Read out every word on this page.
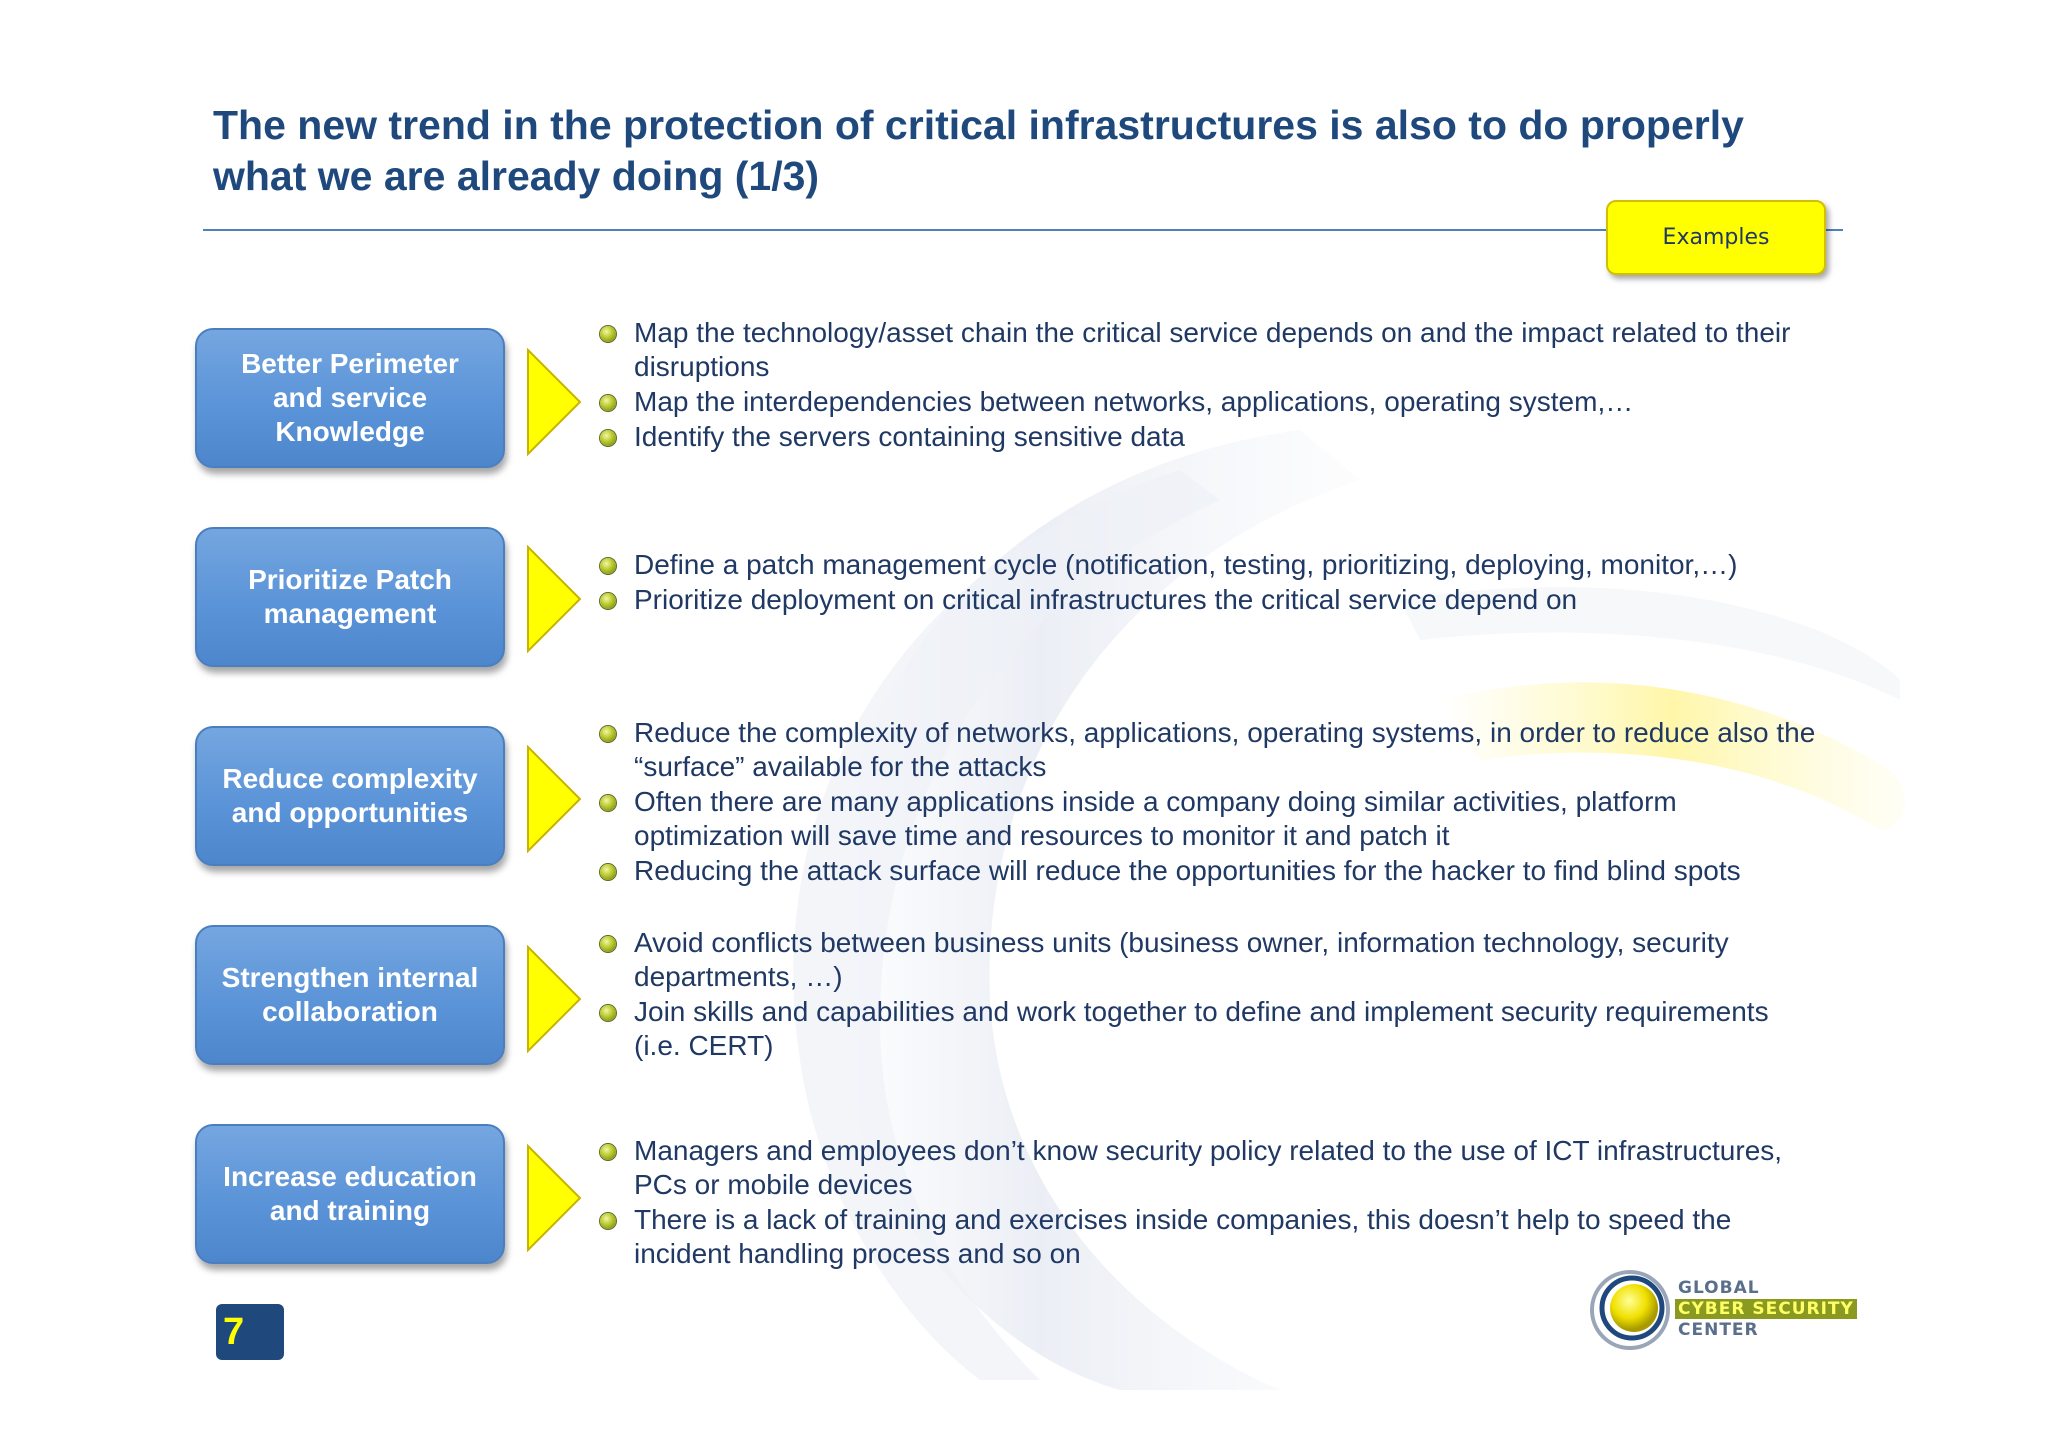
The new trend in the protection of critical infrastructures is also to do properly what we are already doing (1/3)
Examples
Better Perimeter and service Knowledge
Map the technology/asset chain the critical service depends on and the impact related to their disruptions
Map the interdependencies between networks, applications, operating system,…
Identify the servers containing sensitive data
Prioritize Patch management
Define a patch management cycle (notification, testing, prioritizing, deploying, monitor,…)
Prioritize deployment on critical infrastructures the critical service depend on
Reduce complexity and opportunities
Reduce the complexity of networks, applications, operating systems, in order to reduce also the “surface” available for the attacks
Often there are many applications inside a company doing similar activities, platform optimization will save time and resources to monitor it and patch it
Reducing the attack surface will reduce the opportunities for the hacker to find blind spots
Strengthen internal collaboration
Avoid conflicts between business units (business owner, information technology, security departments, …)
Join skills and capabilities and work together to define and implement security requirements (i.e. CERT)
Increase education and training
Managers and employees don’t know security policy related to the use of ICT infrastructures, PCs or mobile devices
There is a lack of training and exercises inside companies, this doesn’t help to speed the incident handling process and so on
7
GLOBAL
CYBER SECURITY
CENTER
